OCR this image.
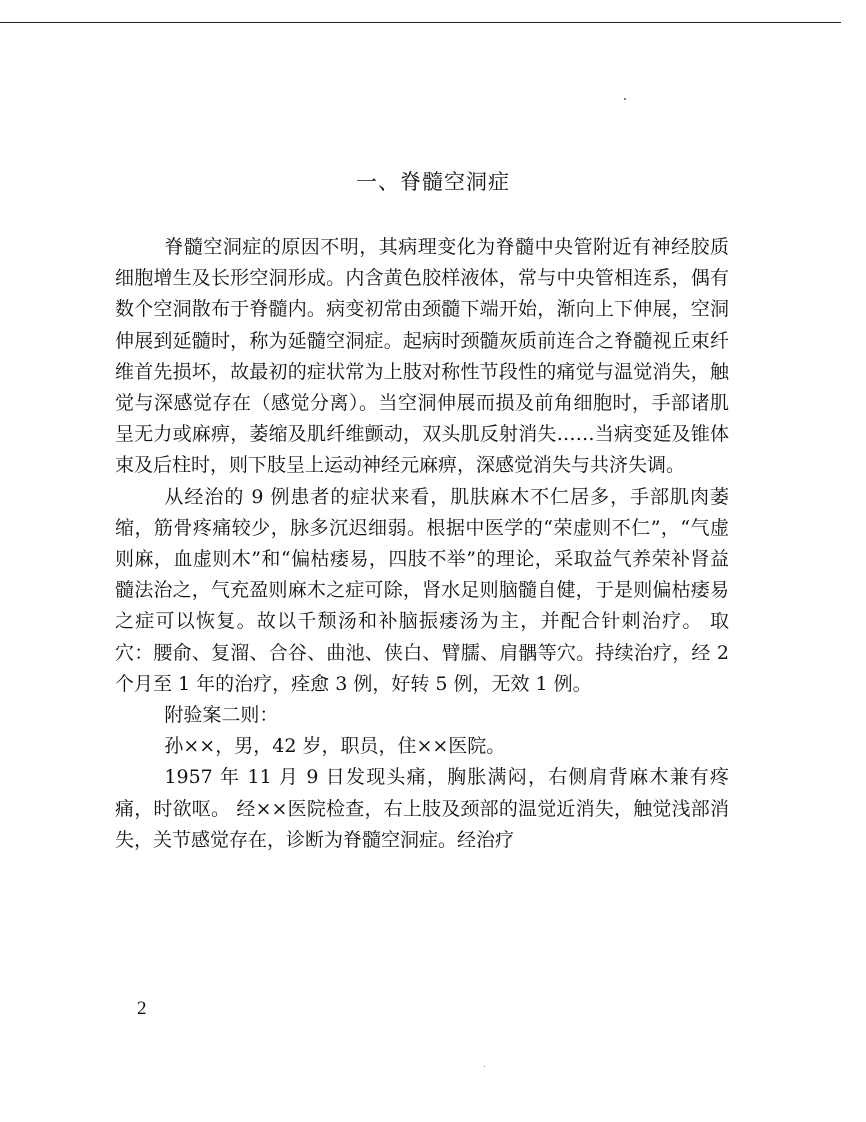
一、脊髓空洞症

脊髓空洞症的原因不明，其病理变化为脊髓中央管附近有神经胶质细胞增生及长形空洞形成。内含黄色胶样液体，常与中央管相连系，偶有数个空洞散布于脊髓内。病变初常由颈髓下端开始，渐向上下伸展，空洞伸展到延髓时，称为延髓空洞症。起病时颈髓灰质前连合之脊髓视丘束纤维首先损坏，故最初的症状常为上肢对称性节段性的痛觉与温觉消失，触觉与深感觉存在（感觉分离）。当空洞伸展而损及前角细胞时，手部诸肌呈无力或麻痹，萎缩及肌纤维颤动，双头肌反射消失……当病变延及锥体束及后柱时，则下肢呈上运动神经元麻痹，深感觉消失与共济失调。

从经治的 9 例患者的症状来看，肌肤麻木不仁居多，手部肌肉萎缩，筋骨疼痛较少，脉多沉迟细弱。根据中医学的“荣虚则不仁”，“气虚则麻，血虚则木”和“偏枯痿易，四肢不举”的理论，采取益气养荣补肾益髓法治之，气充盈则麻木之症可除，肾水足则脑髓自健，于是则偏枯痿易之症可以恢复。故以千颓汤和补脑振痿汤为主，并配合针刺治疗。 取穴：腰俞、复溜、合谷、曲池、侠白、臂臑、肩髃等穴。持续治疗，经 2 个月至 1 年的治疗，痊愈 3 例，好转 5 例，无效 1 例。

附验案二则：

孙××，男，42 岁，职员，住××医院。

1957 年 11 月 9 日发现头痛，胸胀满闷，右侧肩背麻木兼有疼痛，时欲呕。 经××医院检查，右上肢及颈部的温觉近消失，触觉浅部消失，关节感觉存在，诊断为脊髓空洞症。经治疗

2
